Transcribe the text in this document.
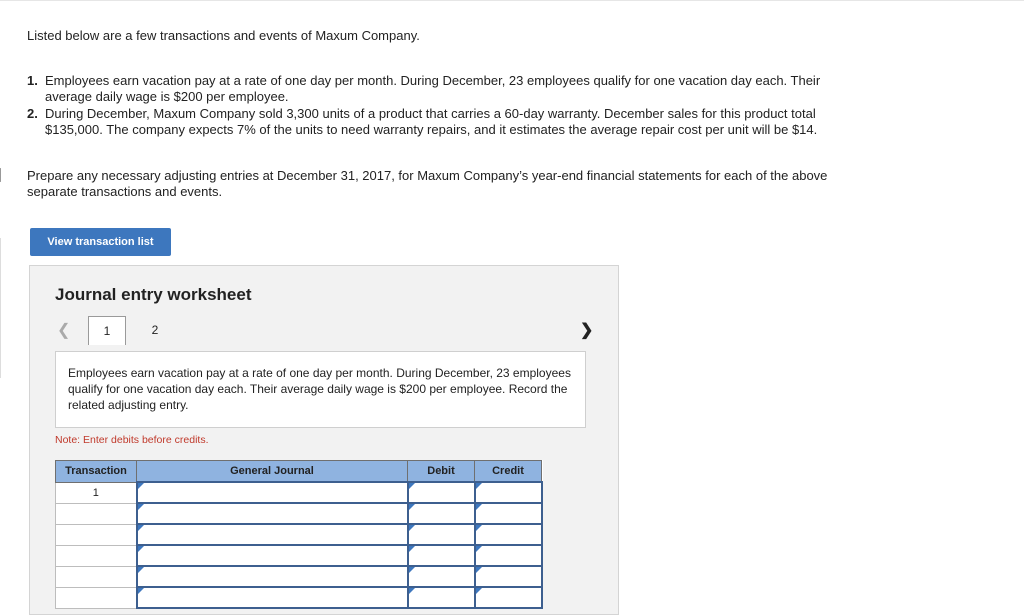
Listed below are a few transactions and events of Maxum Company.
1. Employees earn vacation pay at a rate of one day per month. During December, 23 employees qualify for one vacation day each. Their average daily wage is $200 per employee.
2. During December, Maxum Company sold 3,300 units of a product that carries a 60-day warranty. December sales for this product total $135,000. The company expects 7% of the units to need warranty repairs, and it estimates the average repair cost per unit will be $14.
Prepare any necessary adjusting entries at December 31, 2017, for Maxum Company’s year-end financial statements for each of the above separate transactions and events.
View transaction list
Journal entry worksheet
❮	1	2	❯
Employees earn vacation pay at a rate of one day per month. During December, 23 employees qualify for one vacation day each. Their average daily wage is $200 per employee. Record the related adjusting entry.
Note: Enter debits before credits.
Transaction	General Journal	Debit	Credit
1			
